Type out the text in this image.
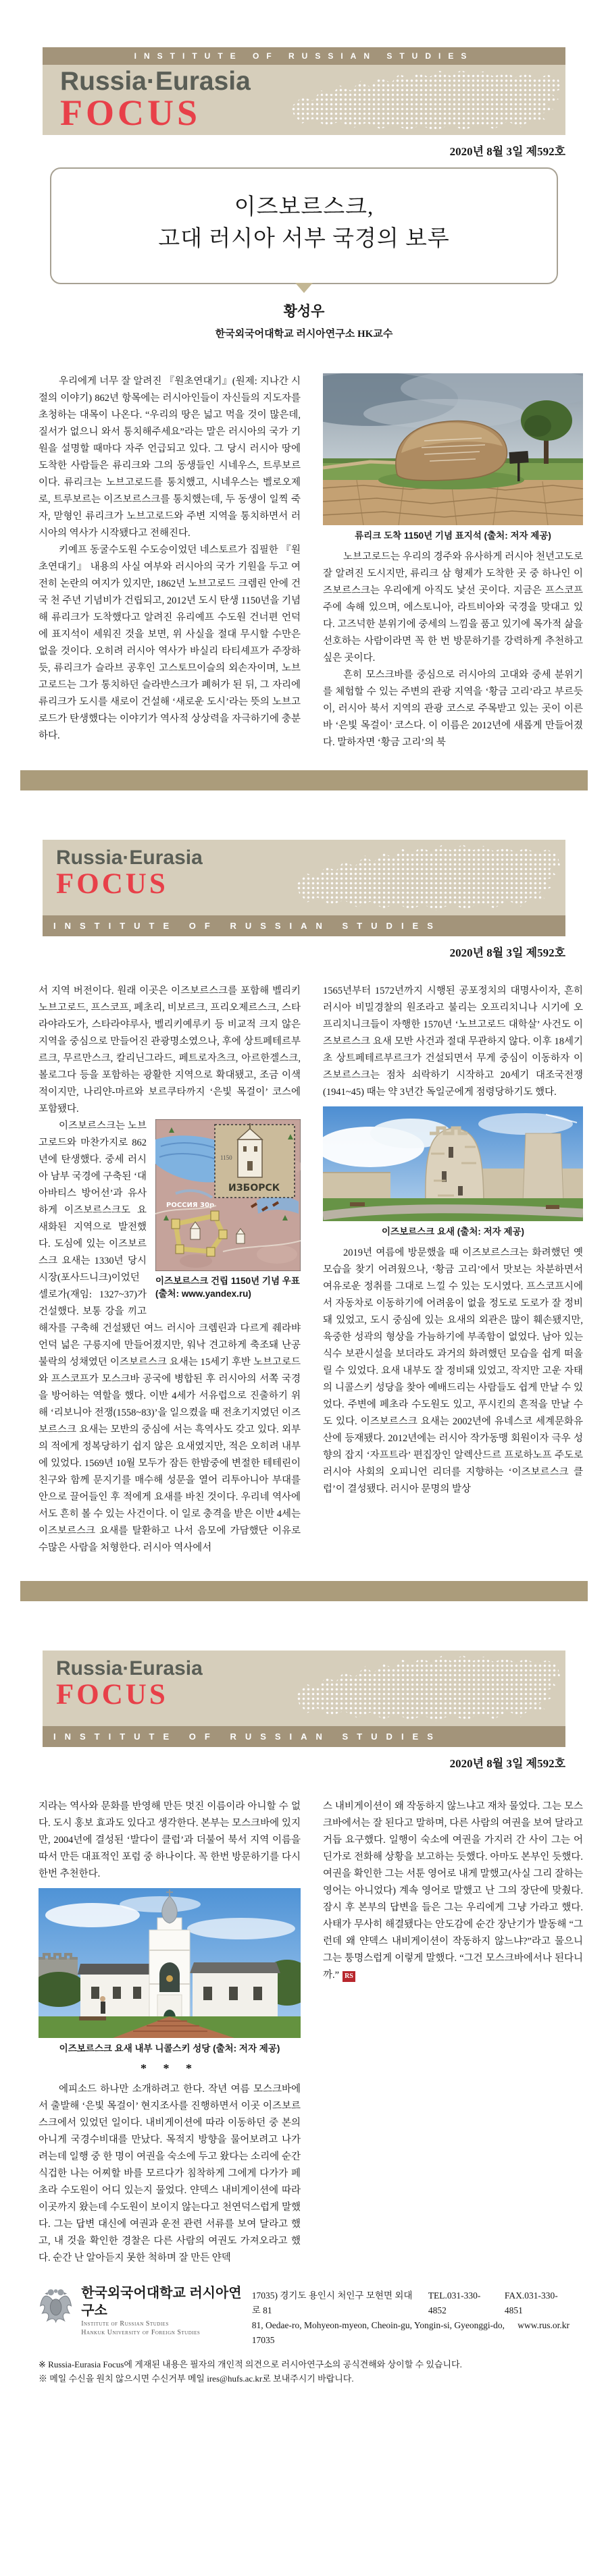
INSTITUTE OF RUSSIAN STUDIES
Russia·Eurasia
FOCUS
2020년 8월 3일 제592호
이즈보르스크,
고대 러시아 서부 국경의 보루
황성우
한국외국어대학교 러시아연구소 HK교수

우리에게 너무 잘 알려진 『원초연대기』(원제: 지나간 시절의 이야기) 862년 항목에는 러시아인들이 자신들의 지도자를 초청하는 대목이 나온다. “우리의 땅은 넓고 먹을 것이 많은데, 질서가 없으니 와서 통치해주세요”라는 말은 러시아의 국가 기원을 설명할 때마다 자주 언급되고 있다. 그 당시 러시아 땅에 도착한 사람들은 류리크와 그의 동생들인 시네우스, 트루보르이다. 류리크는 노브고로드를 통치했고, 시네우스는 벨로오제로, 트루보르는 이즈보르스크를 통치했는데, 두 동생이 일찍 죽자, 맏형인 류리크가 노브고로드와 주변 지역을 통치하면서 러시아의 역사가 시작됐다고 전해진다.

키예프 동굴수도원 수도승이었던 네스토르가 집필한 『원초연대기』 내용의 사실 여부와 러시아의 국가 기원을 두고 여전히 논란의 여지가 있지만, 1862년 노브고로드 크렘린 안에 건국 천 주년 기념비가 건립되고, 2012년 도시 탄생 1150년을 기념해 류리크가 도착했다고 알려진 유리예프 수도원 건너편 언덕에 표지석이 세워진 것을 보면, 위 사실을 절대 무시할 수만은 없을 것이다. 오히려 러시아 역사가 바실리 타티셰프가 주장하듯, 류리크가 슬라브 공후인 고스토므이슬의 외손자이며, 노브고로드는 그가 통치하던 슬라뱐스크가 폐허가 된 뒤, 그 자리에 류리크가 도시를 새로이 건설해 ‘새로운 도시’라는 뜻의 노브고로드가 탄생했다는 이야기가 역사적 상상력을 자극하기에 충분하다.

류리크 도착 1150년 기념 표지석 (출처: 저자 제공)

노브고로드는 우리의 경주와 유사하게 러시아 천년고도로 잘 알려진 도시지만, 류리크 삼 형제가 도착한 곳 중 하나인 이즈보르스크는 우리에게 아직도 낯선 곳이다. 지금은 프스코프주에 속해 있으며, 에스토니아, 라트비아와 국경을 맞대고 있다. 고즈넉한 분위기에 중세의 느낌을 품고 있기에 목가적 삶을 선호하는 사람이라면 꼭 한 번 방문하기를 강력하게 추천하고 싶은 곳이다.

흔히 모스크바를 중심으로 러시아의 고대와 중세 분위기를 체험할 수 있는 주변의 관광 지역을 ‘황금 고리’라고 부르듯이, 러시아 북서 지역의 관광 코스로 주목받고 있는 곳이 이른바 ‘은빛 목걸이’ 코스다. 이 이름은 2012년에 새롭게 만들어졌다. 말하자면 ‘황금 고리’의 북

Russia·Eurasia
FOCUS
INSTITUTE OF RUSSIAN STUDIES
2020년 8월 3일 제592호

서 지역 버전이다. 원래 이곳은 이즈보르스크를 포함해 벨리키노브고로드, 프스코프, 페초리, 비보르크, 프리오제르스크, 스타라야라도가, 스타라야루사, 벨리키예루키 등 비교적 크지 않은 지역을 중심으로 만들어진 관광명소였으나, 후에 상트페테르부르크, 무르만스크, 칼리닌그라드, 페트로자츠크, 아르한겔스크, 볼로그다 등을 포함하는 광활한 지역으로 확대됐고, 조금 이색적이지만, 나리얀-마르와 보르쿠타까지 ‘은빛 목걸이’ 코스에 포함됐다.

1150
ИЗБОРСК
РОССИЯ 30р
이즈보르스크 건립 1150년 기념 우표 (출처: www.yandex.ru)

이즈보르스크는 노브고로드와 마찬가지로 862년에 탄생했다. 중세 러시아 남부 국경에 구축된 ‘대아바티스 방어선’과 유사하게 이즈보르스크도 요새화된 지역으로 발전했다. 도심에 있는 이즈보르스크 요새는 1330년 당시 시장(포사드니크)이었던 셀로가(재임: 1327~37)가 건설했다. 보통 강을 끼고 해자를 구축해 건설됐던 여느 러시아 크렘린과 다르게 줴라뱌 언덕 넓은 구릉지에 만들어졌지만, 워낙 견고하게 축조돼 난공불락의 성채였던 이즈보르스크 요새는 15세기 후반 노브고로드와 프스코프가 모스크바 공국에 병합된 후 러시아의 서쪽 국경을 방어하는 역할을 했다. 이반 4세가 서유럽으로 진출하기 위해 ‘리보니아 전쟁(1558~83)’을 일으켰을 때 전초기지였던 이즈보르스크 요새는 모반의 중심에 서는 흑역사도 갖고 있다. 외부의 적에게 정복당하기 쉽지 않은 요새였지만, 적은 오히려 내부에 있었다. 1569년 10월 모두가 잠든 한밤중에 변절한 테테린이 친구와 함께 문지기를 매수해 성문을 열어 리투아니아 부대를 안으로 끌어들인 후 적에게 요새를 바친 것이다. 우리네 역사에서도 흔히 볼 수 있는 사건이다. 이 일로 충격을 받은 이반 4세는 이즈보르스크 요새를 탈환하고 나서 음모에 가담했단 이유로 수많은 사람을 처형한다. 러시아 역사에서

1565년부터 1572년까지 시행된 공포정치의 대명사이자, 흔히 러시아 비밀경찰의 원조라고 불리는 오프리치니나 시기에 오프리치니크들이 자행한 1570년 ‘노브고로드 대학살’ 사건도 이즈보르스크 요새 모반 사건과 절대 무관하지 않다. 이후 18세기 초 상트페테르부르크가 건설되면서 무게 중심이 이동하자 이즈보르스크는 점차 쇠락하기 시작하고 20세기 대조국전쟁(1941~45) 때는 약 3년간 독일군에게 점령당하기도 했다.

이즈보르스크 요새 (출처: 저자 제공)

2019년 여름에 방문했을 때 이즈보르스크는 화려했던 옛 모습을 찾기 어려웠으나, ‘황금 고리’에서 맛보는 차분하면서 여유로운 정취를 그대로 느낄 수 있는 도시였다. 프스코프시에서 자동차로 이동하기에 어려움이 없을 정도로 도로가 잘 정비돼 있었고, 도시 중심에 있는 요새의 외관은 많이 훼손됐지만, 육중한 성곽의 형상을 가늠하기에 부족함이 없었다. 남아 있는 식수 보관시설을 보더라도 과거의 화려했던 모습을 쉽게 떠올릴 수 있었다. 요새 내부도 잘 정비돼 있었고, 작지만 고운 자태의 니콜스키 성당을 찾아 예배드리는 사람들도 쉽게 만날 수 있었다. 주변에 페초라 수도원도 있고, 푸시킨의 흔적을 만날 수도 있다. 이즈보르스크 요새는 2002년에 유네스코 세계문화유산에 등재됐다. 2012년에는 러시아 작가동맹 회원이자 극우 성향의 잡지 ‘자프트라’ 편집장인 알렉산드르 프로하노프 주도로 러시아 사회의 오피니언 리더를 지향하는 ‘이즈보르스크 클럽’이 결성됐다. 러시아 문명의 발상

Russia·Eurasia
FOCUS
INSTITUTE OF RUSSIAN STUDIES
2020년 8월 3일 제592호

지라는 역사와 문화를 반영해 만든 멋진 이름이라 아니할 수 없다. 도시 홍보 효과도 있다고 생각한다. 본부는 모스크바에 있지만, 2004년에 결성된 ‘발다이 클럽’과 더불어 북서 지역 이름을 따서 만든 대표적인 포럼 중 하나이다. 꼭 한번 방문하기를 다시 한번 추천한다.

이즈보르스크 요새 내부 니콜스키 성당 (출처: 저자 제공)
* * *

에피소드 하나만 소개하려고 한다. 작년 여름 모스크바에서 출발해 ‘은빛 목걸이’ 현지조사를 진행하면서 이곳 이즈보르스크에서 있었던 일이다. 내비게이션에 따라 이동하던 중 본의 아니게 국경수비대를 만났다. 목적지 방향을 물어보려고 나가려는데 일행 중 한 명이 여권을 숙소에 두고 왔다는 소리에 순간 식겁한 나는 어찌할 바를 모르다가 침착하게 그에게 다가가 페초라 수도원이 어디 있는지 물었다. 얀덱스 내비게이션에 따라 이곳까지 왔는데 수도원이 보이지 않는다고 천연덕스럽게 말했다. 그는 답변 대신에 여권과 운전 관련 서류를 보여 달라고 했고, 내 것을 확인한 경찰은 다른 사람의 여권도 가져오라고 했다. 순간 난 알아듣지 못한 척하며 잘 만든 얀덱

스 내비게이션이 왜 작동하지 않느냐고 재차 물었다. 그는 모스크바에서는 잘 된다고 말하며, 다른 사람의 여권을 보여 달라고 거듭 요구했다. 일행이 숙소에 여권을 가지러 간 사이 그는 어딘가로 전화해 상황을 보고하는 듯했다. 아마도 본부인 듯했다. 여권을 확인한 그는 서툰 영어로 내게 말했고(사실 그리 잘하는 영어는 아니었다) 계속 영어로 말했고 난 그의 장단에 맞췄다. 잠시 후 본부의 답변을 들은 그는 우리에게 그냥 가라고 했다. 사태가 무사히 해결됐다는 안도감에 순간 장난기가 발동해 “그런데 왜 얀덱스 내비게이션이 작동하지 않느냐?”라고 물으니 그는 퉁명스럽게 이렇게 말했다. “그건 모스크바에서나 된다니까.” RS

한국외국어대학교 러시아연구소
Institute of Russian Studies
Hankuk University of Foreign Studies
17035) 경기도 용인시 처인구 모현면 외대로 81
TEL.031-330-4852
FAX.031-330-4851
81, Oedae-ro, Mohyeon-myeon, Cheoin-gu, Yongin-si, Gyeonggi-do, 17035
www.rus.or.kr
※ Russia-Eurasia Focus에 게재된 내용은 필자의 개인적 의견으로 러시아연구소의 공식견해와 상이할 수 있습니다.
※ 메일 수신을 원치 않으시면 수신거부 메일 ires@hufs.ac.kr로 보내주시기 바랍니다.
